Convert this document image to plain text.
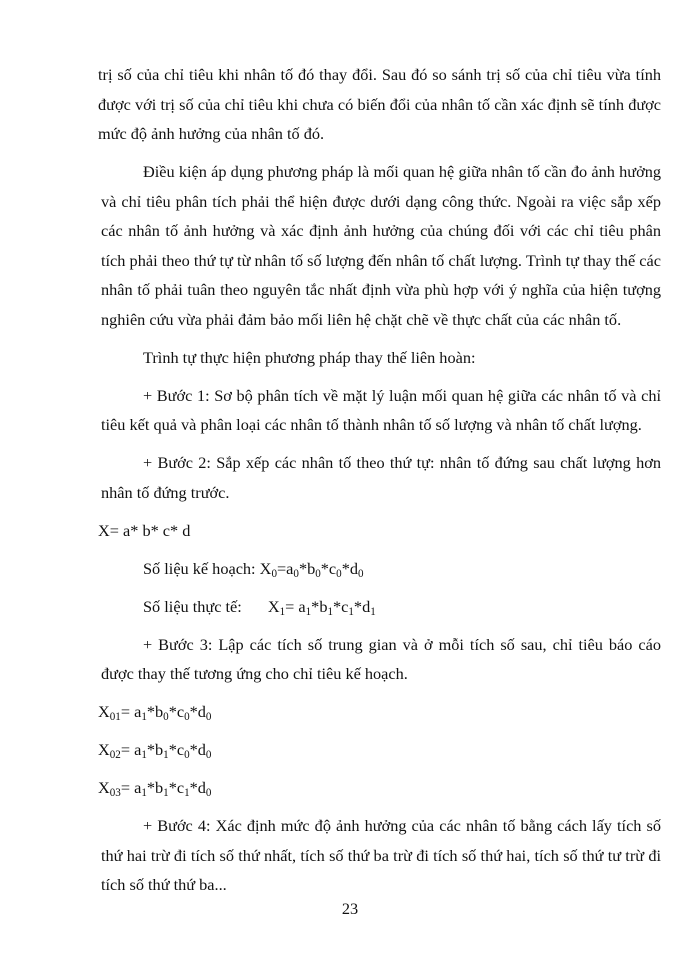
trị số của chỉ tiêu khi nhân tố đó thay đổi. Sau đó so sánh trị số của chỉ tiêu vừa tính được với trị số của chỉ tiêu khi chưa có biến đổi của nhân tố cần xác định sẽ tính được mức độ ảnh hưởng của nhân tố đó.

Điều kiện áp dụng phương pháp là mối quan hệ giữa nhân tố cần đo ảnh hưởng và chỉ tiêu phân tích phải thể hiện được dưới dạng công thức. Ngoài ra việc sắp xếp các nhân tố ảnh hưởng và xác định ảnh hưởng của chúng đối với các chỉ tiêu phân tích phải theo thứ tự từ nhân tố số lượng đến nhân tố chất lượng. Trình tự thay thế các nhân tố phải tuân theo nguyên tắc nhất định vừa phù hợp với ý nghĩa của hiện tượng nghiên cứu vừa phải đảm bảo mối liên hệ chặt chẽ về thực chất của các nhân tố.

Trình tự thực hiện phương pháp thay thế liên hoàn:

+ Bước 1: Sơ bộ phân tích về mặt lý luận mối quan hệ giữa các nhân tố và chỉ tiêu kết quả và phân loại các nhân tố thành nhân tố số lượng và nhân tố chất lượng.

+ Bước 2: Sắp xếp các nhân tố theo thứ tự: nhân tố đứng sau chất lượng hơn nhân tố đứng trước.

X= a* b* c* d

Số liệu kế hoạch: $X_0=a_0*b_0*c_0*d_0$

Số liệu thực tế: $X_1= a_1*b_1*c_1*d_1$

+ Bước 3: Lập các tích số trung gian và ở mỗi tích số sau, chỉ tiêu báo cáo được thay thế tương ứng cho chỉ tiêu kế hoạch.

$X_{01}= a_1*b_0*c_0*d_0$

$X_{02}= a_1*b_1*c_0*d_0$

$X_{03}= a_1*b_1*c_1*d_0$

+ Bước 4: Xác định mức độ ảnh hưởng của các nhân tố bằng cách lấy tích số thứ hai trừ đi tích số thứ nhất, tích số thứ ba trừ đi tích số thứ hai, tích số thứ tư trừ đi tích số thứ thứ ba...

23
